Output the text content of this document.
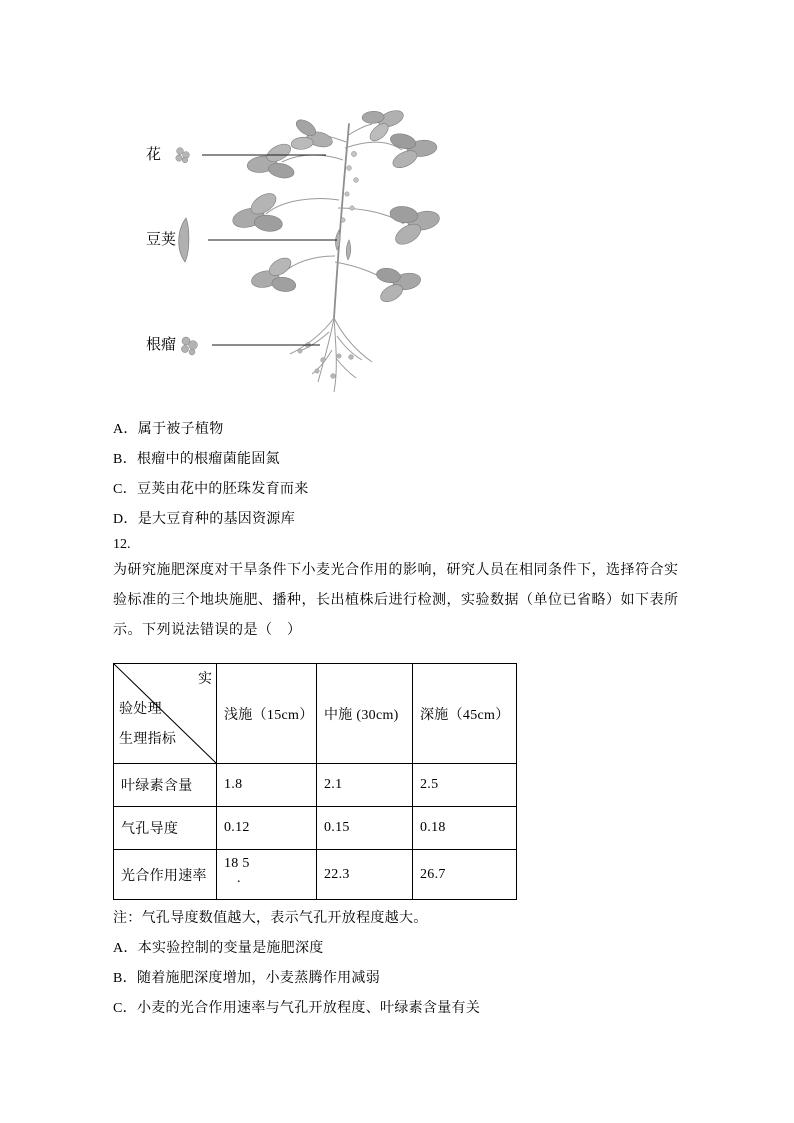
花
豆荚
根瘤
A．属于被子植物
B．根瘤中的根瘤菌能固氮
C．豆荚由花中的胚珠发育而来
D．是大豆育种的基因资源库
12.
为研究施肥深度对干旱条件下小麦光合作用的影响，研究人员在相同条件下，选择符合实
验标准的三个地块施肥、播种，长出植株后进行检测，实验数据（单位已省略）如下表所
示。下列说法错误的是（　）
实
验处理
生理指标	浅施（15cm）	中施 (30cm)	深施（45cm）
叶绿素含量	1.8	2.1	2.5
气孔导度	0.12	0.15	0.18
光合作用速率	18 5
.	22.3	26.7
注：气孔导度数值越大，表示气孔开放程度越大。
A．本实验控制的变量是施肥深度
B．随着施肥深度增加，小麦蒸腾作用减弱
C．小麦的光合作用速率与气孔开放程度、叶绿素含量有关
